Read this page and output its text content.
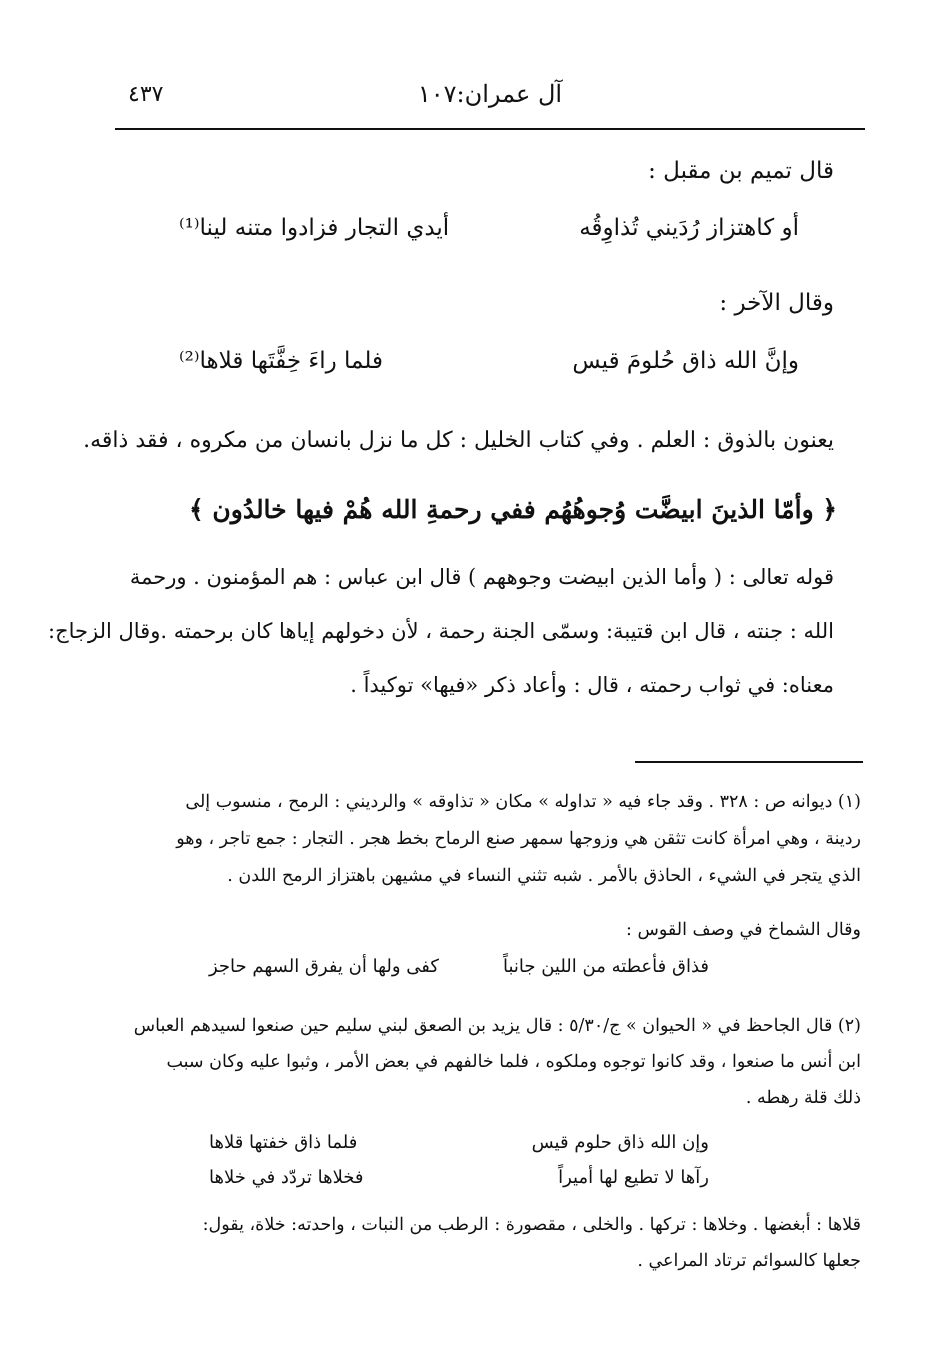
آل عمران:١٠٧
٤٣٧
قال تميم بن مقبل :
أو كاهتزاز رُدَيني تُذاوِقُه
أيدي التجار فزادوا متنه لينا⁽¹⁾
وقال الآخر :
وإنَّ الله ذاق حُلومَ قيس
فلما راءَ خِفَّتَها قلاها⁽²⁾
يعنون بالذوق : العلم . وفي كتاب الخليل : كل ما نزل بانسان من مكروه ، فقد ذاقه.
﴿ وأمّا الذينَ ابيضَّت وُجوهُهُم ففي رحمةِ الله هُمْ فيها خالدُون ﴾
قوله تعالى : ( وأما الذين ابيضت وجوههم ) قال ابن عباس : هم المؤمنون . ورحمة
الله : جنته ، قال ابن قتيبة: وسمّى الجنة رحمة ، لأن دخولهم إياها كان برحمته .وقال الزجاج:
معناه: في ثواب رحمته ، قال : وأعاد ذكر «فيها» توكيداً .
(١) ديوانه ص : ٣٢٨ . وقد جاء فيه « تداوله » مكان « تذاوقه » والرديني : الرمح ، منسوب إلى
ردينة ، وهي امرأة كانت تثقن هي وزوجها سمهر صنع الرماح بخط هجر . التجار : جمع تاجر ، وهو
الذي يتجر في الشيء ، الحاذق بالأمر . شبه تثني النساء في مشيهن باهتزاز الرمح اللدن .
وقال الشماخ في وصف القوس :
فذاق فأعطته من اللين جانباً
كفى ولها أن يفرق السهم حاجز
(٢) قال الجاحظ في « الحيوان » ج/٥/٣٠ : قال يزيد بن الصعق لبني سليم حين صنعوا لسيدهم العباس
ابن أنس ما صنعوا ، وقد كانوا توجوه وملكوه ، فلما خالفهم في بعض الأمر ، وثبوا عليه وكان سبب
ذلك قلة رهطه .
وإن الله ذاق حلوم قيس
فلما ذاق خفتها قلاها
رآها لا تطيع لها أميراً
فخلاها تردّد في خلاها
قلاها : أبغضها . وخلاها : تركها . والخلى ، مقصورة : الرطب من النبات ، واحدته: خلاة، يقول:
جعلها كالسوائم ترتاد المراعي .
